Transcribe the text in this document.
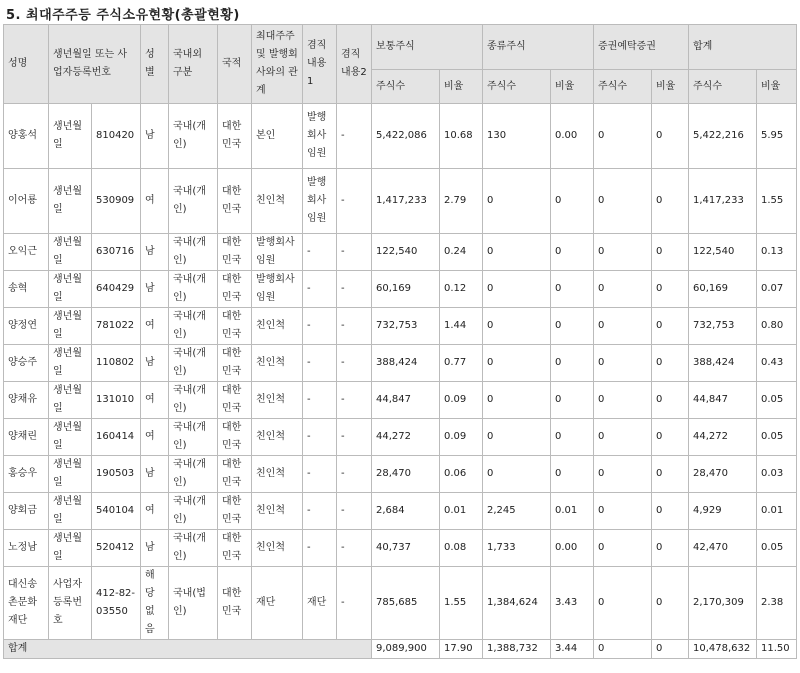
5. 최대주주등 주식소유현황(총괄현황)
성명	생년월일 또는 사업자등록번호		성별	국내외 구분	국적	최대주주 및 발행회사와의 관계	겸직 내용1	겸직 내용2	보통주식		종류주식		증권예탁증권		합계	
									주식수	비율	주식수	비율	주식수	비율	주식수	비율
양홍석	생년월일	810420	남	국내(개인)	대한민국	본인	발행회사임원	-	5,422,086	10.68	130	0.00	0	0	5,422,216	5.95
이어룡	생년월일	530909	여	국내(개인)	대한민국	친인척	발행회사임원	-	1,417,233	2.79	0	0	0	0	1,417,233	1.55
오익근	생년월일	630716	남	국내(개인)	대한민국	발행회사 임원	-	-	122,540	0.24	0	0	0	0	122,540	0.13
송혁	생년월일	640429	남	국내(개인)	대한민국	발행회사 임원	-	-	60,169	0.12	0	0	0	0	60,169	0.07
양정연	생년월일	781022	여	국내(개인)	대한민국	친인척	-	-	732,753	1.44	0	0	0	0	732,753	0.80
양승주	생년월일	110802	남	국내(개인)	대한민국	친인척	-	-	388,424	0.77	0	0	0	0	388,424	0.43
양채유	생년월일	131010	여	국내(개인)	대한민국	친인척	-	-	44,847	0.09	0	0	0	0	44,847	0.05
양채린	생년월일	160414	여	국내(개인)	대한민국	친인척	-	-	44,272	0.09	0	0	0	0	44,272	0.05
홍승우	생년월일	190503	남	국내(개인)	대한민국	친인척	-	-	28,470	0.06	0	0	0	0	28,470	0.03
양회금	생년월일	540104	여	국내(개인)	대한민국	친인척	-	-	2,684	0.01	2,245	0.01	0	0	4,929	0.01
노정남	생년월일	520412	남	국내(개인)	대한민국	친인척	-	-	40,737	0.08	1,733	0.00	0	0	42,470	0.05
대신송촌문화재단	사업자등록번호	412-82-03550	해당없음	국내(법인)	대한민국	재단	재단	-	785,685	1.55	1,384,624	3.43	0	0	2,170,309	2.38
합계									9,089,900	17.90	1,388,732	3.44	0	0	10,478,632	11.50
